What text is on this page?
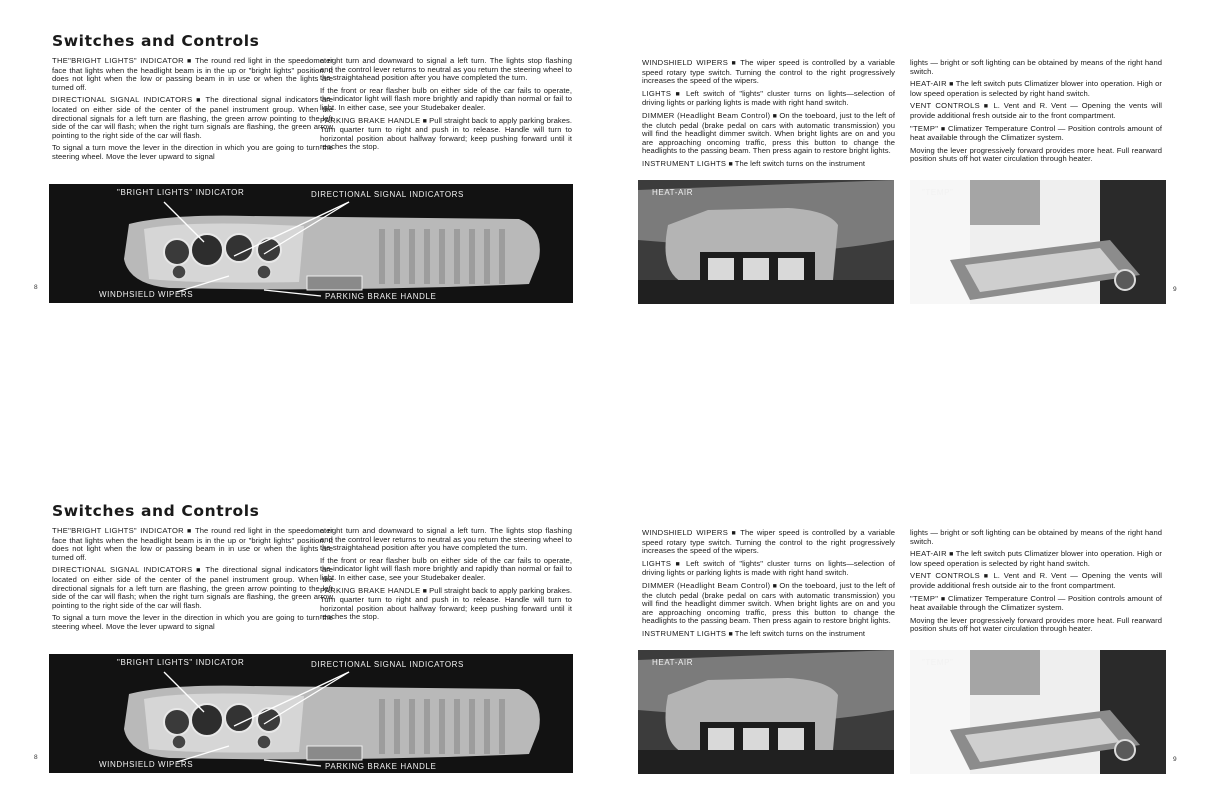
Switches and Controls

THE"BRIGHT LIGHTS" INDICATOR ■ The round red light in the speedometer face that lights when the headlight beam is in the up or "bright lights" position. It does not light when the low or passing beam in in use or when the lights are turned off.

DIRECTIONAL SIGNAL INDICATORS ■ The directional signal indicators are located on either side of the center of the panel instrument group. When the directional signals for a left turn are flashing, the green arrow pointing to the left side of the car will flash; when the right turn signals are flashing, the green arrow pointing to the right side of the car will flash.

To signal a turn move the lever in the direction in which you are going to turn the steering wheel. Move the lever upward to signal

a right turn and downward to signal a left turn. The lights stop flashing and the control lever returns to neutral as you return the steering wheel to the straightahead position after you have completed the turn.

If the front or rear flasher bulb on either side of the car fails to operate, the indicator light will flash more brightly and rapidly than normal or fail to light. In either case, see your Studebaker dealer.

PARKING BRAKE HANDLE ■ Pull straight back to apply parking brakes. Turn quarter turn to right and push in to release. Handle will turn to horizontal position about halfway forward; keep pushing forward until it reaches the stop.

"BRIGHT LIGHTS" INDICATOR	DIRECTIONAL SIGNAL INDICATORS
WINDHSIELD WIPERS	PARKING BRAKE HANDLE
8

WINDSHIELD WIPERS ■ The wiper speed is controlled by a variable speed rotary type switch. Turning the control to the right progressively increases the speed of the wipers.

LIGHTS ■ Left switch of "lights" cluster turns on lights—selection of driving lights or parking lights is made with right hand switch.

DIMMER (Headlight Beam Control) ■ On the toeboard, just to the left of the clutch pedal (brake pedal on cars with automatic transmission) you will find the headlight dimmer switch. When bright lights are on and you are approaching oncoming traffic, press this button to change the headlights to the passing beam. Then press again to restore bright lights.

INSTRUMENT LIGHTS ■ The left switch turns on the instrument

lights — bright or soft lighting can be obtained by means of the right hand switch.

HEAT-AIR ■ The left switch puts Climatizer blower into operation. High or low speed operation is selected by right hand switch.

VENT CONTROLS ■ L. Vent and R. Vent — Opening the vents will provide additional fresh outside air to the front compartment.

"TEMP" ■ Climatizer Temperature Control — Position controls amount of heat available through the Climatizer system.

Moving the lever progressively forward provides more heat. Full rearward position shuts off hot water circulation through heater.

HEAT-AIR	"TEMP"
9
Switches and Controls

THE"BRIGHT LIGHTS" INDICATOR ■ The round red light in the speedometer face that lights when the headlight beam is in the up or "bright lights" position. It does not light when the low or passing beam in in use or when the lights are turned off.

DIRECTIONAL SIGNAL INDICATORS ■ The directional signal indicators are located on either side of the center of the panel instrument group. When the directional signals for a left turn are flashing, the green arrow pointing to the left side of the car will flash; when the right turn signals are flashing, the green arrow pointing to the right side of the car will flash.

To signal a turn move the lever in the direction in which you are going to turn the steering wheel. Move the lever upward to signal

a right turn and downward to signal a left turn. The lights stop flashing and the control lever returns to neutral as you return the steering wheel to the straightahead position after you have completed the turn.

If the front or rear flasher bulb on either side of the car fails to operate, the indicator light will flash more brightly and rapidly than normal or fail to light. In either case, see your Studebaker dealer.

PARKING BRAKE HANDLE ■ Pull straight back to apply parking brakes. Turn quarter turn to right and push in to release. Handle will turn to horizontal position about halfway forward; keep pushing forward until it reaches the stop.

"BRIGHT LIGHTS" INDICATOR	DIRECTIONAL SIGNAL INDICATORS
WINDHSIELD WIPERS	PARKING BRAKE HANDLE
8

WINDSHIELD WIPERS ■ The wiper speed is controlled by a variable speed rotary type switch. Turning the control to the right progressively increases the speed of the wipers.

LIGHTS ■ Left switch of "lights" cluster turns on lights—selection of driving lights or parking lights is made with right hand switch.

DIMMER (Headlight Beam Control) ■ On the toeboard, just to the left of the clutch pedal (brake pedal on cars with automatic transmission) you will find the headlight dimmer switch. When bright lights are on and you are approaching oncoming traffic, press this button to change the headlights to the passing beam. Then press again to restore bright lights.

INSTRUMENT LIGHTS ■ The left switch turns on the instrument

lights — bright or soft lighting can be obtained by means of the right hand switch.

HEAT-AIR ■ The left switch puts Climatizer blower into operation. High or low speed operation is selected by right hand switch.

VENT CONTROLS ■ L. Vent and R. Vent — Opening the vents will provide additional fresh outside air to the front compartment.

"TEMP" ■ Climatizer Temperature Control — Position controls amount of heat available through the Climatizer system.

Moving the lever progressively forward provides more heat. Full rearward position shuts off hot water circulation through heater.

HEAT-AIR	"TEMP"
9
